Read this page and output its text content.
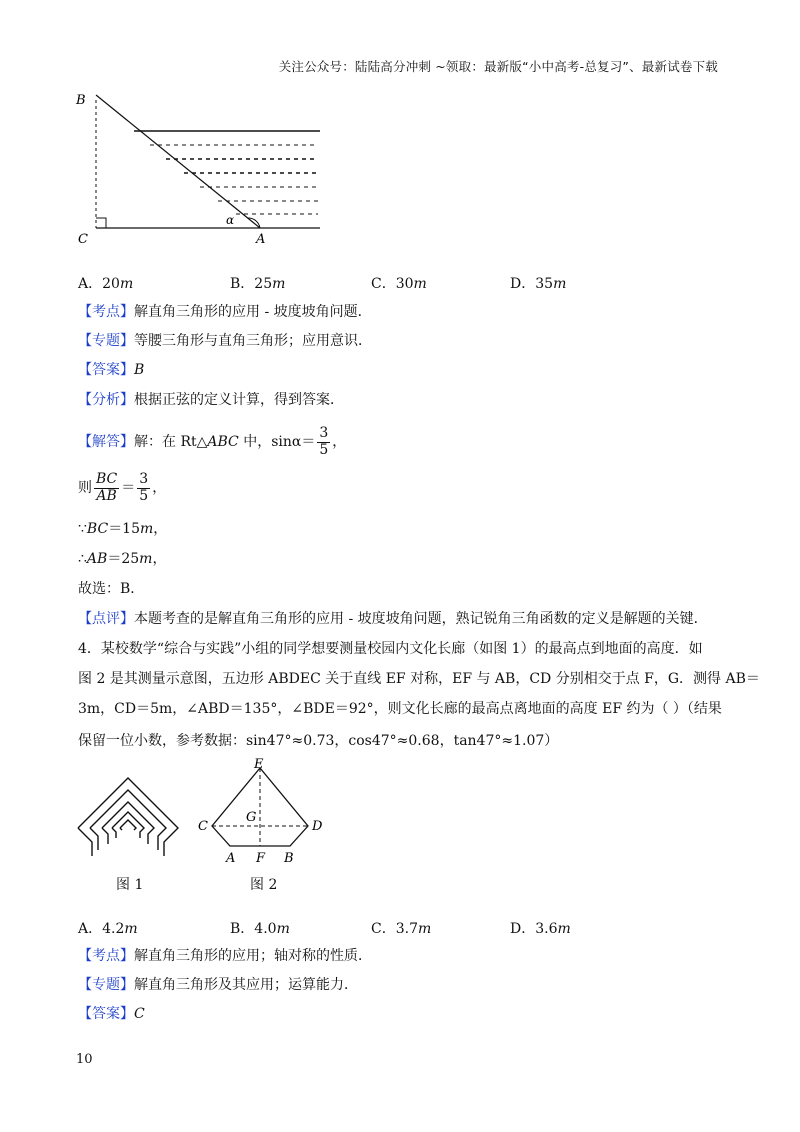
关注公众号：陆陆高分冲刺 ~领取：最新版“小中高考-总复习”、最新试卷下载
B
C	A
α
A．20m	B．25m	C．30m	D．35m
【考点】解直角三角形的应用 - 坡度坡角问题．
【专题】等腰三角形与直角三角形；应用意识．
【答案】B
【分析】根据正弦的定义计算，得到答案．
【解答】解：在 Rt△ABC 中，$\sin\alpha= \frac{3}{5}$ ，
则 $\frac{BC}{AB} = \frac{3}{5}$ ，
∵BC＝15m，
∴AB＝25m，
故选：B．
【点评】本题考查的是解直角三角形的应用 - 坡度坡角问题，熟记锐角三角函数的定义是解题的关键．
4．某校数学“综合与实践”小组的同学想要测量校园内文化长廊（如图 1）的最高点到地面的高度．如
图 2 是其测量示意图，五边形 ABDEC 关于直线 EF 对称，EF 与 AB，CD 分别相交于点 F，G．测得 AB＝
3m，CD＝5m，∠ABD＝135°，∠BDE＝92°，则文化长廊的最高点离地面的高度 EF 约为（ ）（结果
保留一位小数，参考数据：sin47°≈0.73，cos47°≈0.68，tan47°≈1.07）
图 1
E
C
G
D
A F B
图 2
A．4.2m	B．4.0m	C．3.7m	D．3.6m
【考点】解直角三角形的应用；轴对称的性质．
【专题】解直角三角形及其应用；运算能力．
【答案】C
10
